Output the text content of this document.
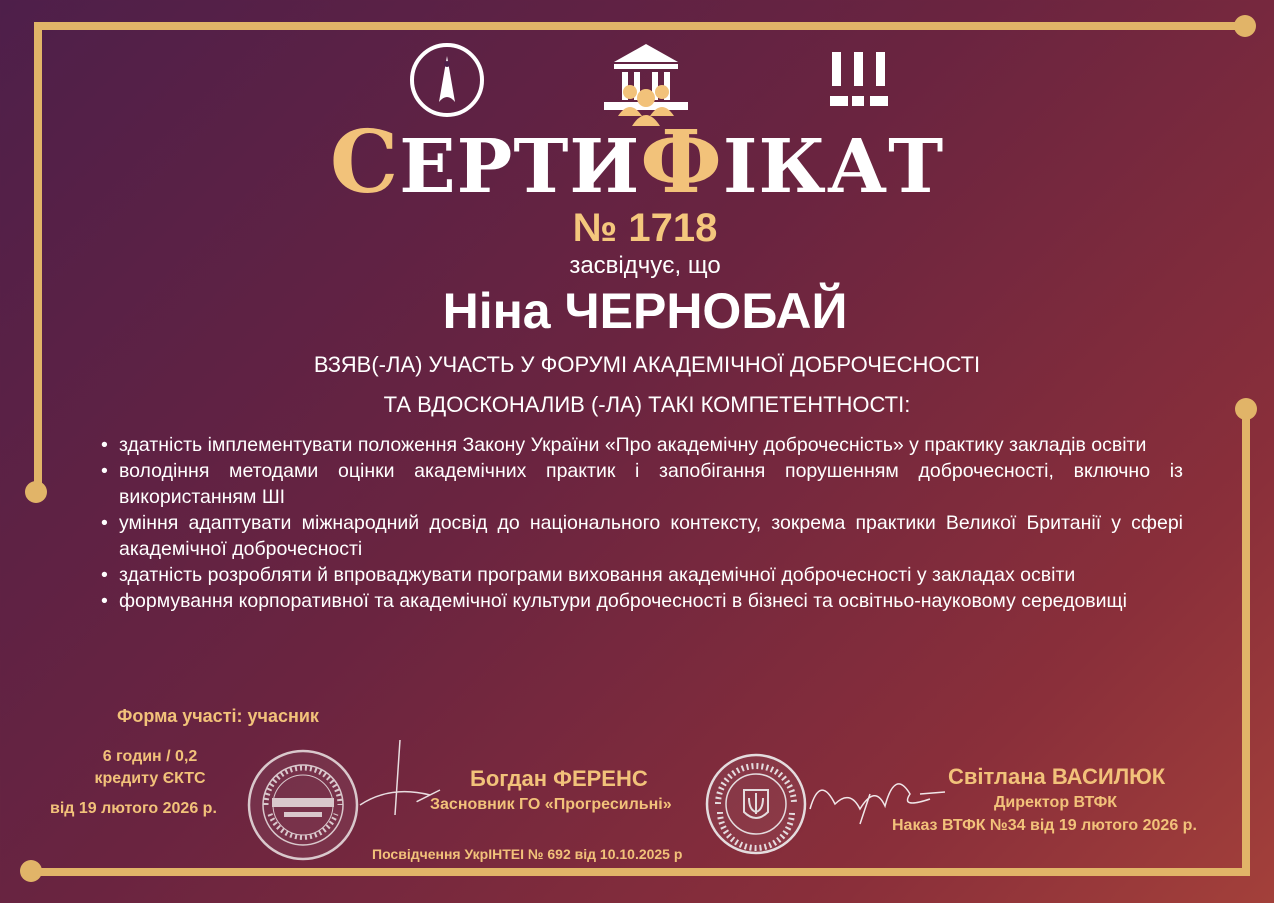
СЕРТИФІКАТ
№ 1718
засвідчує, що
Ніна ЧЕРНОБАЙ
ВЗЯВ(-ЛА) УЧАСТЬ У ФОРУМІ АКАДЕМІЧНОЇ ДОБРОЧЕСНОСТІ
ТА ВДОСКОНАЛИВ (-ЛА) ТАКІ КОМПЕТЕНТНОСТІ:
• здатність імплементувати положення Закону України «Про академічну доброчесність» у практику закладів освіти
• володіння методами оцінки академічних практик і запобігання порушенням доброчесності, включно із використанням ШІ
• уміння адаптувати міжнародний досвід до національного контексту, зокрема практики Великої Британії у сфері академічної доброчесності
• здатність розробляти й впроваджувати програми виховання академічної доброчесності у закладах освіти
• формування корпоративної та академічної культури доброчесності в бізнесі та освітньо-науковому середовищі
Форма участі: учасник
6 годин / 0,2
кредиту ЄКТС
від 19 лютого 2026 р.
Богдан ФЕРЕНС
Засновник ГО «Прогресильні»
Світлана ВАСИЛЮК
Директор ВТФК
Наказ ВТФК №34 від 19 лютого 2026 р.
Посвідчення УкрІНТЕІ № 692 від 10.10.2025 р
